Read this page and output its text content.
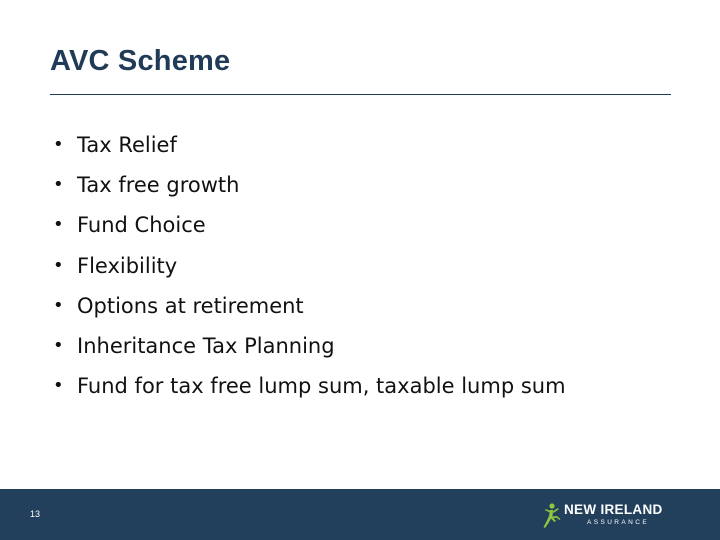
AVC Scheme
• Tax Relief
• Tax free growth
• Fund Choice
• Flexibility
• Options at retirement
• Inheritance Tax Planning
• Fund for tax free lump sum, taxable lump sum
13	NEW IRELAND
ASSURANCE
